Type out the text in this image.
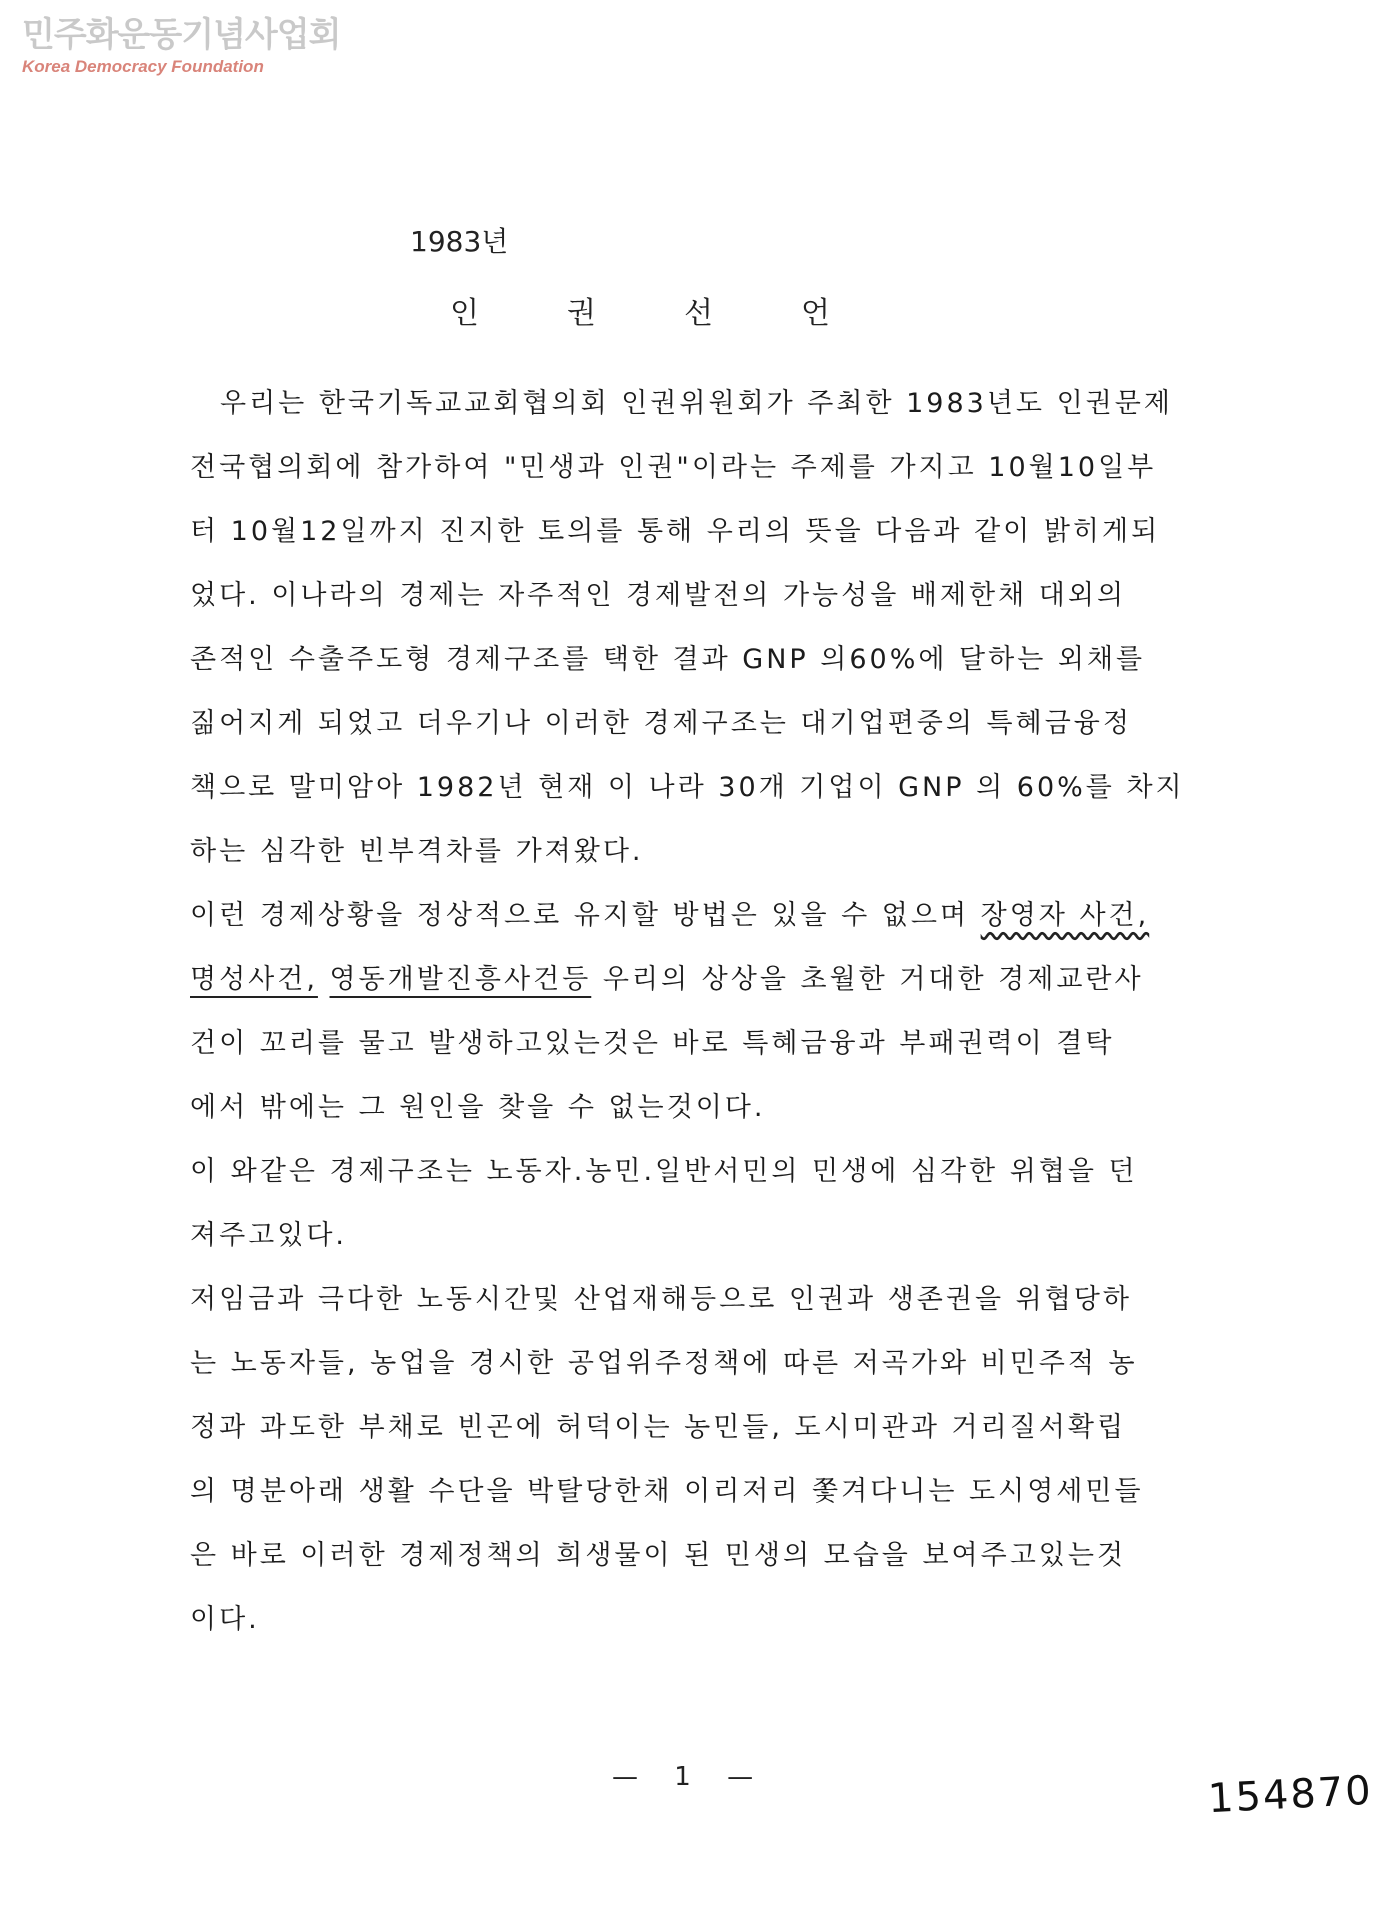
민주화운동기념사업회
Korea Democracy Foundation
1983년
인	권	선	언
우리는 한국기독교교회협의회 인권위원회가 주최한 1983년도 인권문제
전국협의회에 참가하여 "민생과 인권"이라는 주제를 가지고 10월10일부
터 10월12일까지 진지한 토의를 통해 우리의 뜻을 다음과 같이 밝히게되
었다. 이나라의 경제는 자주적인 경제발전의 가능성을 배제한채 대외의
존적인 수출주도형 경제구조를 택한 결과 GNP 의60%에 달하는 외채를
짊어지게 되었고 더우기나 이러한 경제구조는 대기업편중의 특혜금융정
책으로 말미암아 1982년 현재 이 나라 30개 기업이 GNP 의 60%를 차지
하는 심각한 빈부격차를 가져왔다.
이런 경제상황을 정상적으로 유지할 방법은 있을 수 없으며 장영자 사건,
명성사건, 영동개발진흥사건등 우리의 상상을 초월한 거대한 경제교란사
건이 꼬리를 물고 발생하고있는것은 바로 특혜금융과 부패권력이 결탁
에서 밖에는 그 원인을 찾을 수 없는것이다.
이 와같은 경제구조는 노동자.농민.일반서민의 민생에 심각한 위협을 던
져주고있다.
저임금과 극다한 노동시간및 산업재해등으로 인권과 생존권을 위협당하
는 노동자들, 농업을 경시한 공업위주정책에 따른 저곡가와 비민주적 농
정과 과도한 부채로 빈곤에 허덕이는 농민들, 도시미관과 거리질서확립
의 명분아래 생활 수단을 박탈당한채 이리저리 쫓겨다니는 도시영세민들
은 바로 이러한 경제정책의 희생물이 된 민생의 모습을 보여주고있는것
이다.
— 1 —	154870
